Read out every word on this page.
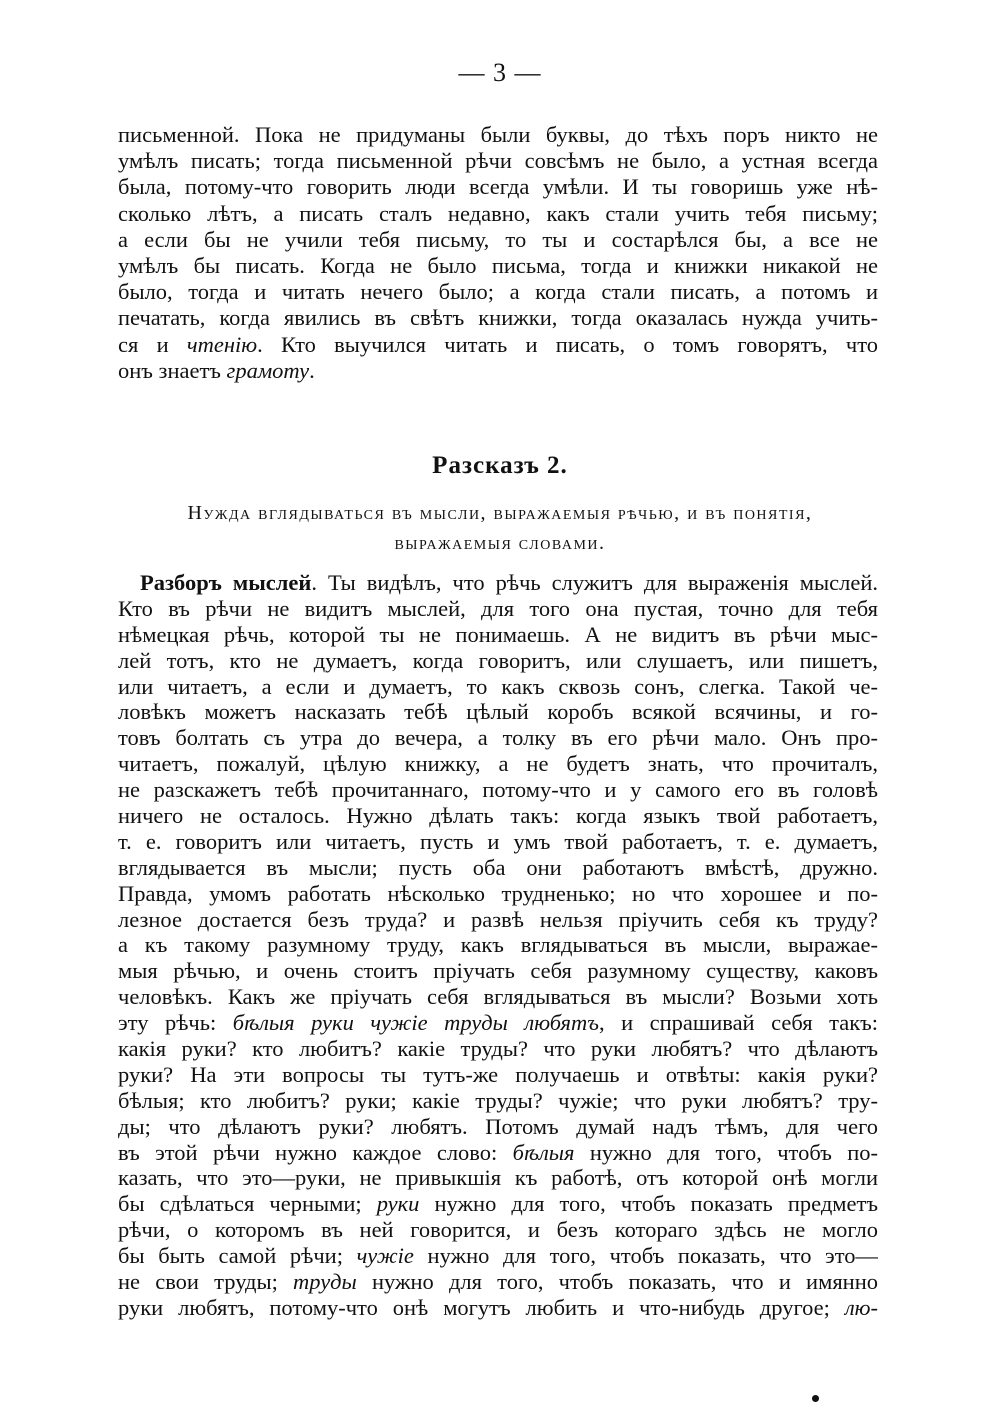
— 3 —
письменной. Пока не придуманы были буквы, до тѣхъ поръ никто не
умѣлъ писать; тогда письменной рѣчи совсѣмъ не было, а устная всегда
была, потому-что говорить люди всегда умѣли. И ты говоришь уже нѣ-
сколько лѣтъ, а писать сталъ недавно, какъ стали учить тебя письму;
а если бы не учили тебя письму, то ты и состарѣлся бы, а все не
умѣлъ бы писать. Когда не было письма, тогда и книжки никакой не
было, тогда и читать нечего было; а когда стали писать, а потомъ и
печатать, когда явились въ свѣтъ книжки, тогда оказалась нужда учить-
ся и чтенію. Кто выучился читать и писать, о томъ говорятъ, что
онъ знаетъ грамоту.
Разсказъ 2.
Нужда вглядываться въ мысли, выражаемыя рѣчью, и въ понятія,
выражаемыя словами.
Разборъ мыслей. Ты видѣлъ, что рѣчь служитъ для выраженія мыслей.
Кто въ рѣчи не видитъ мыслей, для того она пустая, точно для тебя
нѣмецкая рѣчь, которой ты не понимаешь. А не видитъ въ рѣчи мыс-
лей тотъ, кто не думаетъ, когда говоритъ, или слушаетъ, или пишетъ,
или читаетъ, а если и думаетъ, то какъ сквозь сонъ, слегка. Такой че-
ловѣкъ можетъ насказать тебѣ цѣлый коробъ всякой всячины, и го-
товъ болтать съ утра до вечера, а толку въ его рѣчи мало. Онъ про-
читаетъ, пожалуй, цѣлую книжку, а не будетъ знать, что прочиталъ,
не разскажетъ тебѣ прочитаннаго, потому-что и у самого его въ головѣ
ничего не осталось. Нужно дѣлать такъ: когда языкъ твой работаетъ,
т. е. говоритъ или читаетъ, пусть и умъ твой работаетъ, т. е. думаетъ,
вглядывается въ мысли; пусть оба они работаютъ вмѣстѣ, дружно.
Правда, умомъ работать нѣсколько трудненько; но что хорошее и по-
лезное достается безъ труда? и развѣ нельзя пріучить себя къ труду?
а къ такому разумному труду, какъ вглядываться въ мысли, выражае-
мыя рѣчью, и очень стоитъ пріучать себя разумному существу, каковъ
человѣкъ. Какъ же пріучать себя вглядываться въ мысли? Возьми хоть
эту рѣчь: бѣлыя руки чужіе труды любятъ, и спрашивай себя такъ:
какія руки? кто любитъ? какіе труды? что руки любятъ? что дѣлаютъ
руки? На эти вопросы ты тутъ-же получаешь и отвѣты: какія руки?
бѣлыя; кто любитъ? руки; какіе труды? чужіе; что руки любятъ? тру-
ды; что дѣлаютъ руки? любятъ. Потомъ думай надъ тѣмъ, для чего
въ этой рѣчи нужно каждое слово: бѣлыя нужно для того, чтобъ по-
казать, что это—руки, не привыкшія къ работѣ, отъ которой онѣ могли
бы сдѣлаться черными; руки нужно для того, чтобъ показать предметъ
рѣчи, о которомъ въ ней говорится, и безъ котораго здѣсь не могло
бы быть самой рѣчи; чужіе нужно для того, чтобъ показать, что это—
не свои труды; труды нужно для того, чтобъ показать, что и имянно
руки любятъ, потому-что онѣ могутъ любить и что-нибудь другое; лю-
